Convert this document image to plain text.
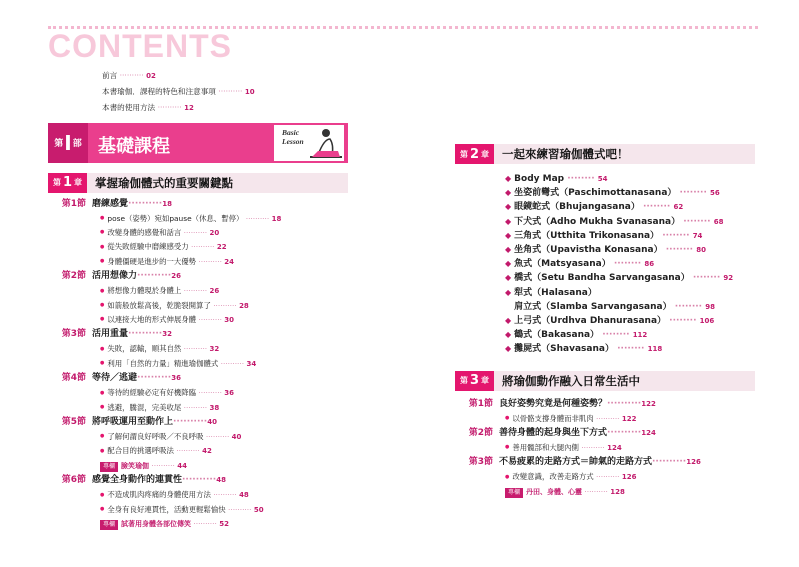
CONTENTS
前言 ·········· 02
本書瑜伽．課程的特色和注意事項 ·········· 10
本書的使用方法 ·········· 12
第 I 部 基礎課程
Basic
Lesson
第 1 章 掌握瑜伽體式的重要關鍵點
第1節 磨練感覺 ·········· 18
● pose（姿勢）宛如pause（休息、暫停） ·········· 18
● 改變身體的感覺和話言 ·········· 20
● 從失敗經驗中磨練感受力 ·········· 22
● 身體僵硬是進步的一大優勢 ·········· 24
第2節 活用想像力 ·········· 26
● 將想像力體現於身體上 ·········· 26
● 如箭般放鬆高後，乾脆裂開算了 ·········· 28
● 以連接大地的形式伸展身體 ·········· 30
第3節 活用重量 ·········· 32
● 失敗，認輸，順其自然 ·········· 32
● 利用「自然的力量」精進瑜伽體式 ·········· 34
第4節 等待／逃避 ·········· 36
● 等待的經驗必定有好機降臨 ·········· 36
● 逃避，騰混，完美收尾 ·········· 38
第5節 將呼吸運用至動作上 ·········· 40
● 了解何謂良好呼吸／不良呼吸 ·········· 40
● 配合目的挑選呼吸法 ·········· 42
專欄 臉笑瑜伽 ·········· 44
第6節 感覺全身動作的連貫性 ·········· 48
● 不造成肌肉疼痛的身體使用方法 ·········· 48
● 全身有良好連貫性，活動更輕鬆愉快 ·········· 50
專欄 試著用身體各部位傳笑 ·········· 52
第 2 章 一起來練習瑜伽體式吧！
◆ Body Map ········ 54
◆ 坐姿前彎式（Paschimottanasana） ········ 56
◆ 眼鏡蛇式（Bhujangasana） ········ 62
◆ 下犬式（Adho Mukha Svanasana） ········ 68
◆ 三角式（Utthita Trikonasana） ········ 74
◆ 坐角式（Upavistha Konasana） ········ 80
◆ 魚式（Matsyasana） ········ 86
◆ 橋式（Setu Bandha Sarvangasana） ········ 92
◆ 犁式（Halasana）
肩立式（Slamba Sarvangasana） ········ 98
◆ 上弓式（Urdhva Dhanurasana） ········ 106
◆ 鶴式（Bakasana） ········ 112
◆ 攤屍式（Shavasana） ········ 118
第 3 章 將瑜伽動作融入日常生活中
第1節 良好姿勢究竟是何種姿勢？ ·········· 122
● 以骨骼支撐身體而非肌肉 ·········· 122
第2節 善待身體的起身與坐下方式 ·········· 124
● 善用髖部和大腿內側 ·········· 124
第3節 不易疲累的走路方式＝帥氣的走路方式 ·········· 126
● 改變意識，改善走路方式 ·········· 126
專欄 丹田、身體、心靈 ·········· 128
